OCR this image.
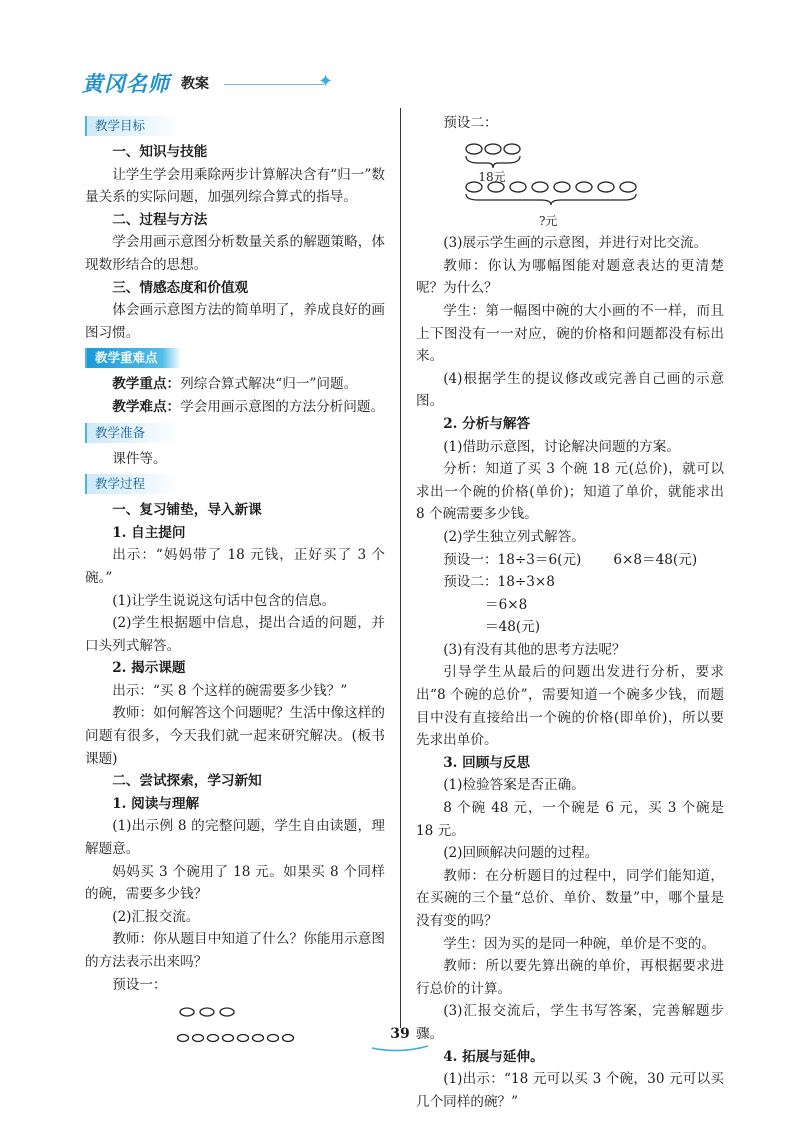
黄冈名师 教案	✦
教学目标

一、知识与技能

让学生学会用乘除两步计算解决含有“归一”数量关系的实际问题，加强列综合算式的指导。

二、过程与方法

学会用画示意图分析数量关系的解题策略，体现数形结合的思想。

三、情感态度和价值观

体会画示意图方法的简单明了，养成良好的画图习惯。

教学重难点

教学重点：列综合算式解决“归一”问题。

教学难点：学会用画示意图的方法分析问题。

教学准备

课件等。

教学过程

一、复习铺垫，导入新课

1. 自主提问

出示：“妈妈带了 18 元钱，正好买了 3 个碗。”

(1)让学生说说这句话中包含的信息。

(2)学生根据题中信息，提出合适的问题，并口头列式解答。

2. 揭示课题

出示：“买 8 个这样的碗需要多少钱？”

教师：如何解答这个问题呢？生活中像这样的问题有很多，今天我们就一起来研究解决。(板书课题)

二、尝试探索，学习新知

1. 阅读与理解

(1)出示例 8 的完整问题，学生自由读题，理解题意。

妈妈买 3 个碗用了 18 元。如果买 8 个同样的碗，需要多少钱？

(2)汇报交流。

教师：你从题目中知道了什么？你能用示意图的方法表示出来吗？

预设一：

预设二：

18元
?元

(3)展示学生画的示意图，并进行对比交流。

教师：你认为哪幅图能对题意表达的更清楚呢？为什么？

学生：第一幅图中碗的大小画的不一样，而且上下图没有一一对应，碗的价格和问题都没有标出来。

(4)根据学生的提议修改或完善自己画的示意图。

2. 分析与解答

(1)借助示意图，讨论解决问题的方案。

分析：知道了买 3 个碗 18 元(总价)，就可以求出一个碗的价格(单价)；知道了单价，就能求出 8 个碗需要多少钱。

(2)学生独立列式解答。

预设一：18÷3＝6(元) 6×8＝48(元)

预设二：18÷3×8

＝6×8

＝48(元)

(3)有没有其他的思考方法呢？

引导学生从最后的问题出发进行分析，要求出“8 个碗的总价”，需要知道一个碗多少钱，而题目中没有直接给出一个碗的价格(即单价)，所以要先求出单价。

3. 回顾与反思

(1)检验答案是否正确。

8 个碗 48 元，一个碗是 6 元，买 3 个碗是 18 元。

(2)回顾解决问题的过程。

教师：在分析题目的过程中，同学们能知道，在买碗的三个量“总价、单价、数量”中，哪个量是没有变的吗？

学生：因为买的是同一种碗，单价是不变的。

教师：所以要先算出碗的单价，再根据要求进行总价的计算。

(3)汇报交流后，学生书写答案，完善解题步骤。

4. 拓展与延伸。

(1)出示：“18 元可以买 3 个碗，30 元可以买几个同样的碗？”

39
